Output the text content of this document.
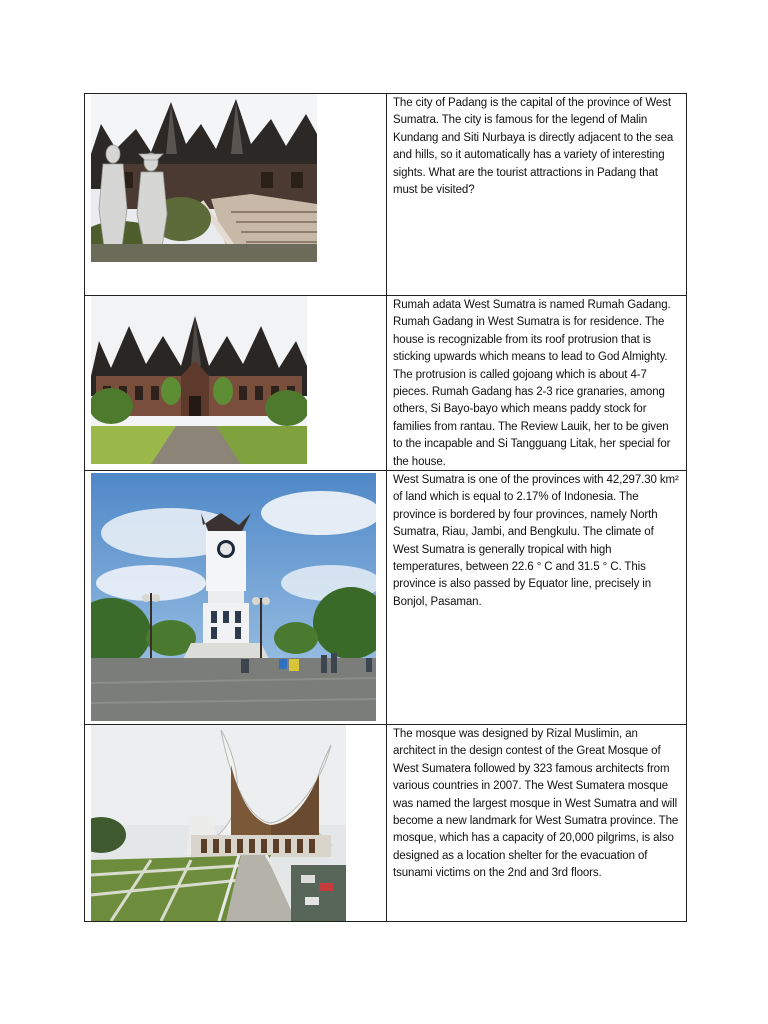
The city of Padang is the capital of the province of West Sumatra. The city is famous for the legend of Malin Kundang and Siti Nurbaya is directly adjacent to the sea and hills, so it automatically has a variety of interesting sights. What are the tourist attractions in Padang that must be visited?

Rumah adata West Sumatra is named Rumah Gadang. Rumah Gadang in West Sumatra is for residence. The house is recognizable from its roof protrusion that is sticking upwards which means to lead to God Almighty. The protrusion is called gojoang which is about 4-7 pieces. Rumah Gadang has 2-3 rice granaries, among others, Si Bayo-bayo which means paddy stock for families from rantau. The Review Lauik, her to be given to the incapable and Si Tangguang Litak, her special for the house.

West Sumatra is one of the provinces with 42,297.30 km² of land which is equal to 2.17% of Indonesia. The province is bordered by four provinces, namely North Sumatra, Riau, Jambi, and Bengkulu. The climate of West Sumatra is generally tropical with high temperatures, between 22.6 ° C and 31.5 ° C. This province is also passed by Equator line, precisely in Bonjol, Pasaman.

The mosque was designed by Rizal Muslimin, an architect in the design contest of the Great Mosque of West Sumatera followed by 323 famous architects from various countries in 2007. The West Sumatera mosque was named the largest mosque in West Sumatra and will become a new landmark for West Sumatra province. The mosque, which has a capacity of 20,000 pilgrims, is also designed as a location shelter for the evacuation of tsunami victims on the 2nd and 3rd floors.
